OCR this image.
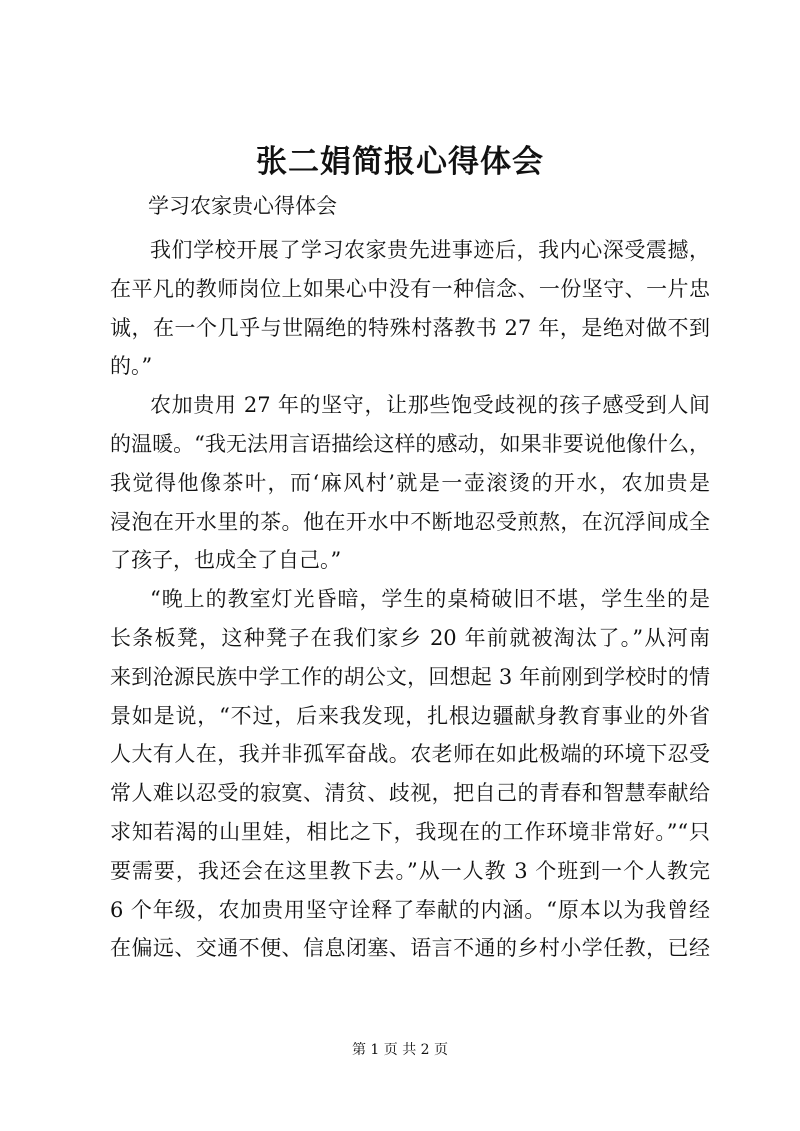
张二娟简报心得体会
学习农家贵心得体会
我们学校开展了学习农家贵先进事迹后，我内心深受震撼，
在平凡的教师岗位上如果心中没有一种信念、一份坚守、一片忠
诚，在一个几乎与世隔绝的特殊村落教书 27 年，是绝对做不到
的。”
农加贵用 27 年的坚守，让那些饱受歧视的孩子感受到人间
的温暖。“我无法用言语描绘这样的感动，如果非要说他像什么，
我觉得他像茶叶，而‘麻风村’就是一壶滚烫的开水，农加贵是
浸泡在开水里的茶。他在开水中不断地忍受煎熬，在沉浮间成全
了孩子，也成全了自己。”
“晚上的教室灯光昏暗，学生的桌椅破旧不堪，学生坐的是
长条板凳，这种凳子在我们家乡 20 年前就被淘汰了。”从河南
来到沧源民族中学工作的胡公文，回想起 3 年前刚到学校时的情
景如是说，“不过，后来我发现，扎根边疆献身教育事业的外省
人大有人在，我并非孤军奋战。农老师在如此极端的环境下忍受
常人难以忍受的寂寞、清贫、歧视，把自己的青春和智慧奉献给
求知若渴的山里娃，相比之下，我现在的工作环境非常好。”“只
要需要，我还会在这里教下去。”从一人教 3 个班到一个人教完
6 个年级，农加贵用坚守诠释了奉献的内涵。“原本以为我曾经
在偏远、交通不便、信息闭塞、语言不通的乡村小学任教，已经
第 1 页 共 2 页
